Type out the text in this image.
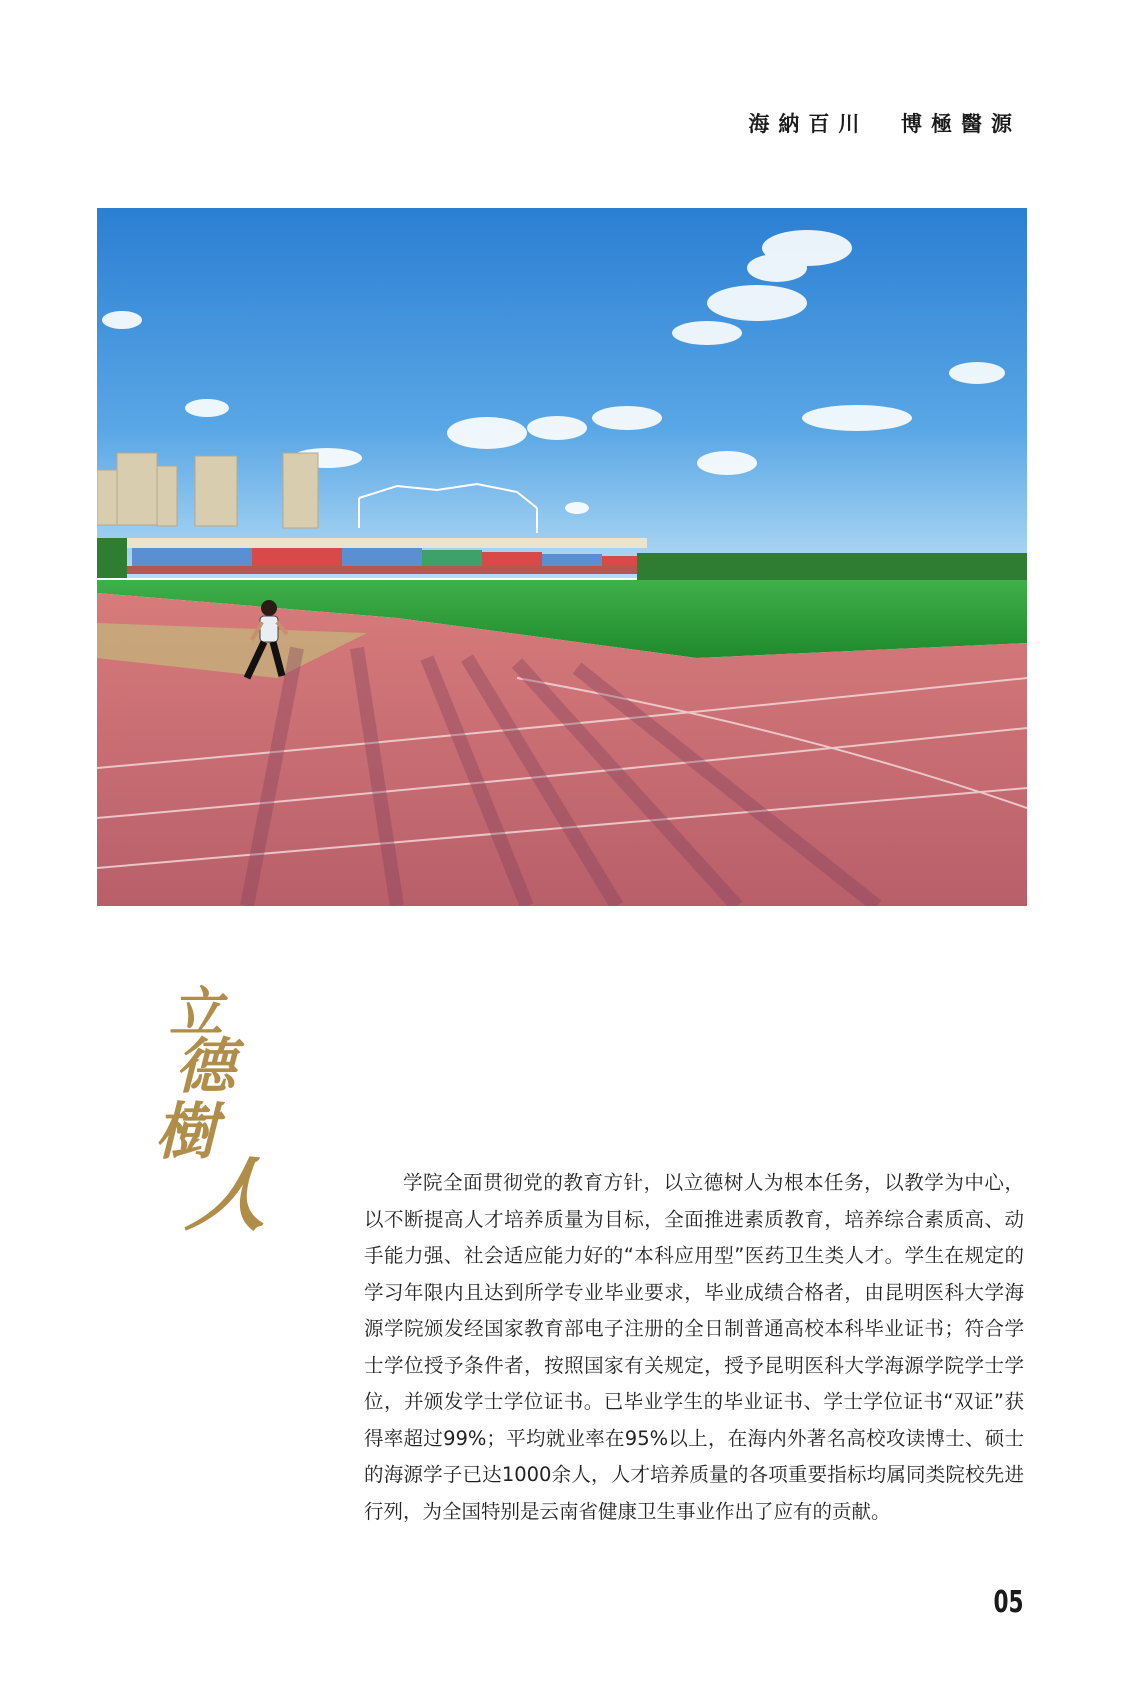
海納百川  博極醫源
立
德
樹
人	学院全面贯彻党的教育方针，以立德树人为根本任务，以教学为中心，以不断提高人才培养质量为目标，全面推进素质教育，培养综合素质高、动手能力强、社会适应能力好的“本科应用型”医药卫生类人才。学生在规定的学习年限内且达到所学专业毕业要求，毕业成绩合格者，由昆明医科大学海源学院颁发经国家教育部电子注册的全日制普通高校本科毕业证书；符合学士学位授予条件者，按照国家有关规定，授予昆明医科大学海源学院学士学位，并颁发学士学位证书。已毕业学生的毕业证书、学士学位证书“双证”获得率超过99%；平均就业率在95%以上，在海内外著名高校攻读博士、硕士的海源学子已达1000余人，人才培养质量的各项重要指标均属同类院校先进行列，为全国特别是云南省健康卫生事业作出了应有的贡献。

05
